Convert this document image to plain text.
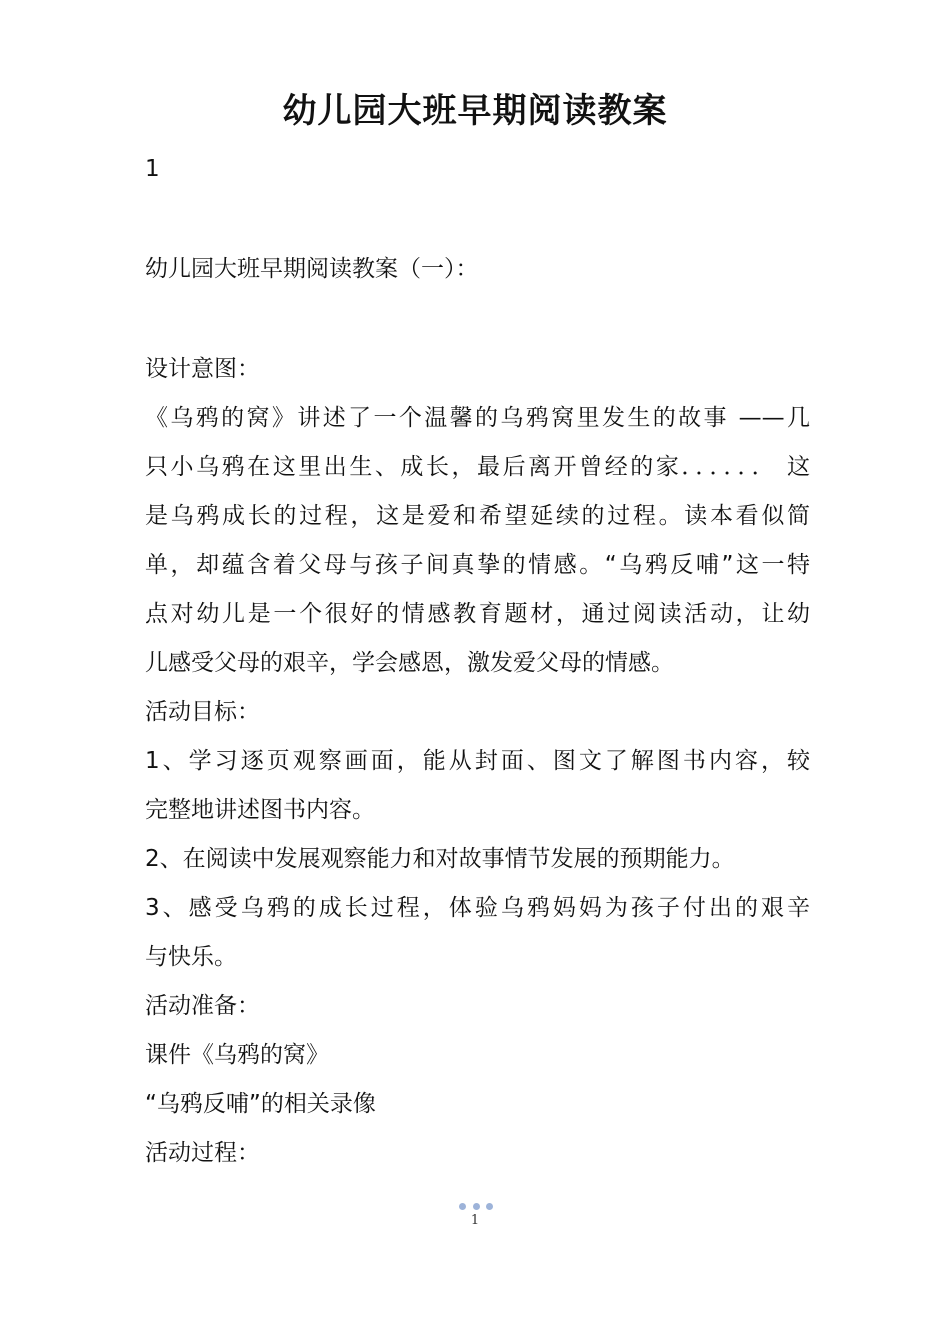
幼儿园大班早期阅读教案
1
幼儿园大班早期阅读教案（一）：
设计意图：
《乌鸦的窝》讲述了一个温馨的乌鸦窝里发生的故事 ——几
只小乌鸦在这里出生、成长，最后离开曾经的家．．．．．． 这
是乌鸦成长的过程，这是爱和希望延续的过程。读本看似简
单，却蕴含着父母与孩子间真挚的情感。“乌鸦反哺”这一特
点对幼儿是一个很好的情感教育题材，通过阅读活动，让幼
儿感受父母的艰辛，学会感恩，激发爱父母的情感。
活动目标：
1、学习逐页观察画面，能从封面、图文了解图书内容，较
完整地讲述图书内容。
2、在阅读中发展观察能力和对故事情节发展的预期能力。
3、感受乌鸦的成长过程，体验乌鸦妈妈为孩子付出的艰辛
与快乐。
活动准备：
课件《乌鸦的窝》
“乌鸦反哺”的相关录像
活动过程：
1
